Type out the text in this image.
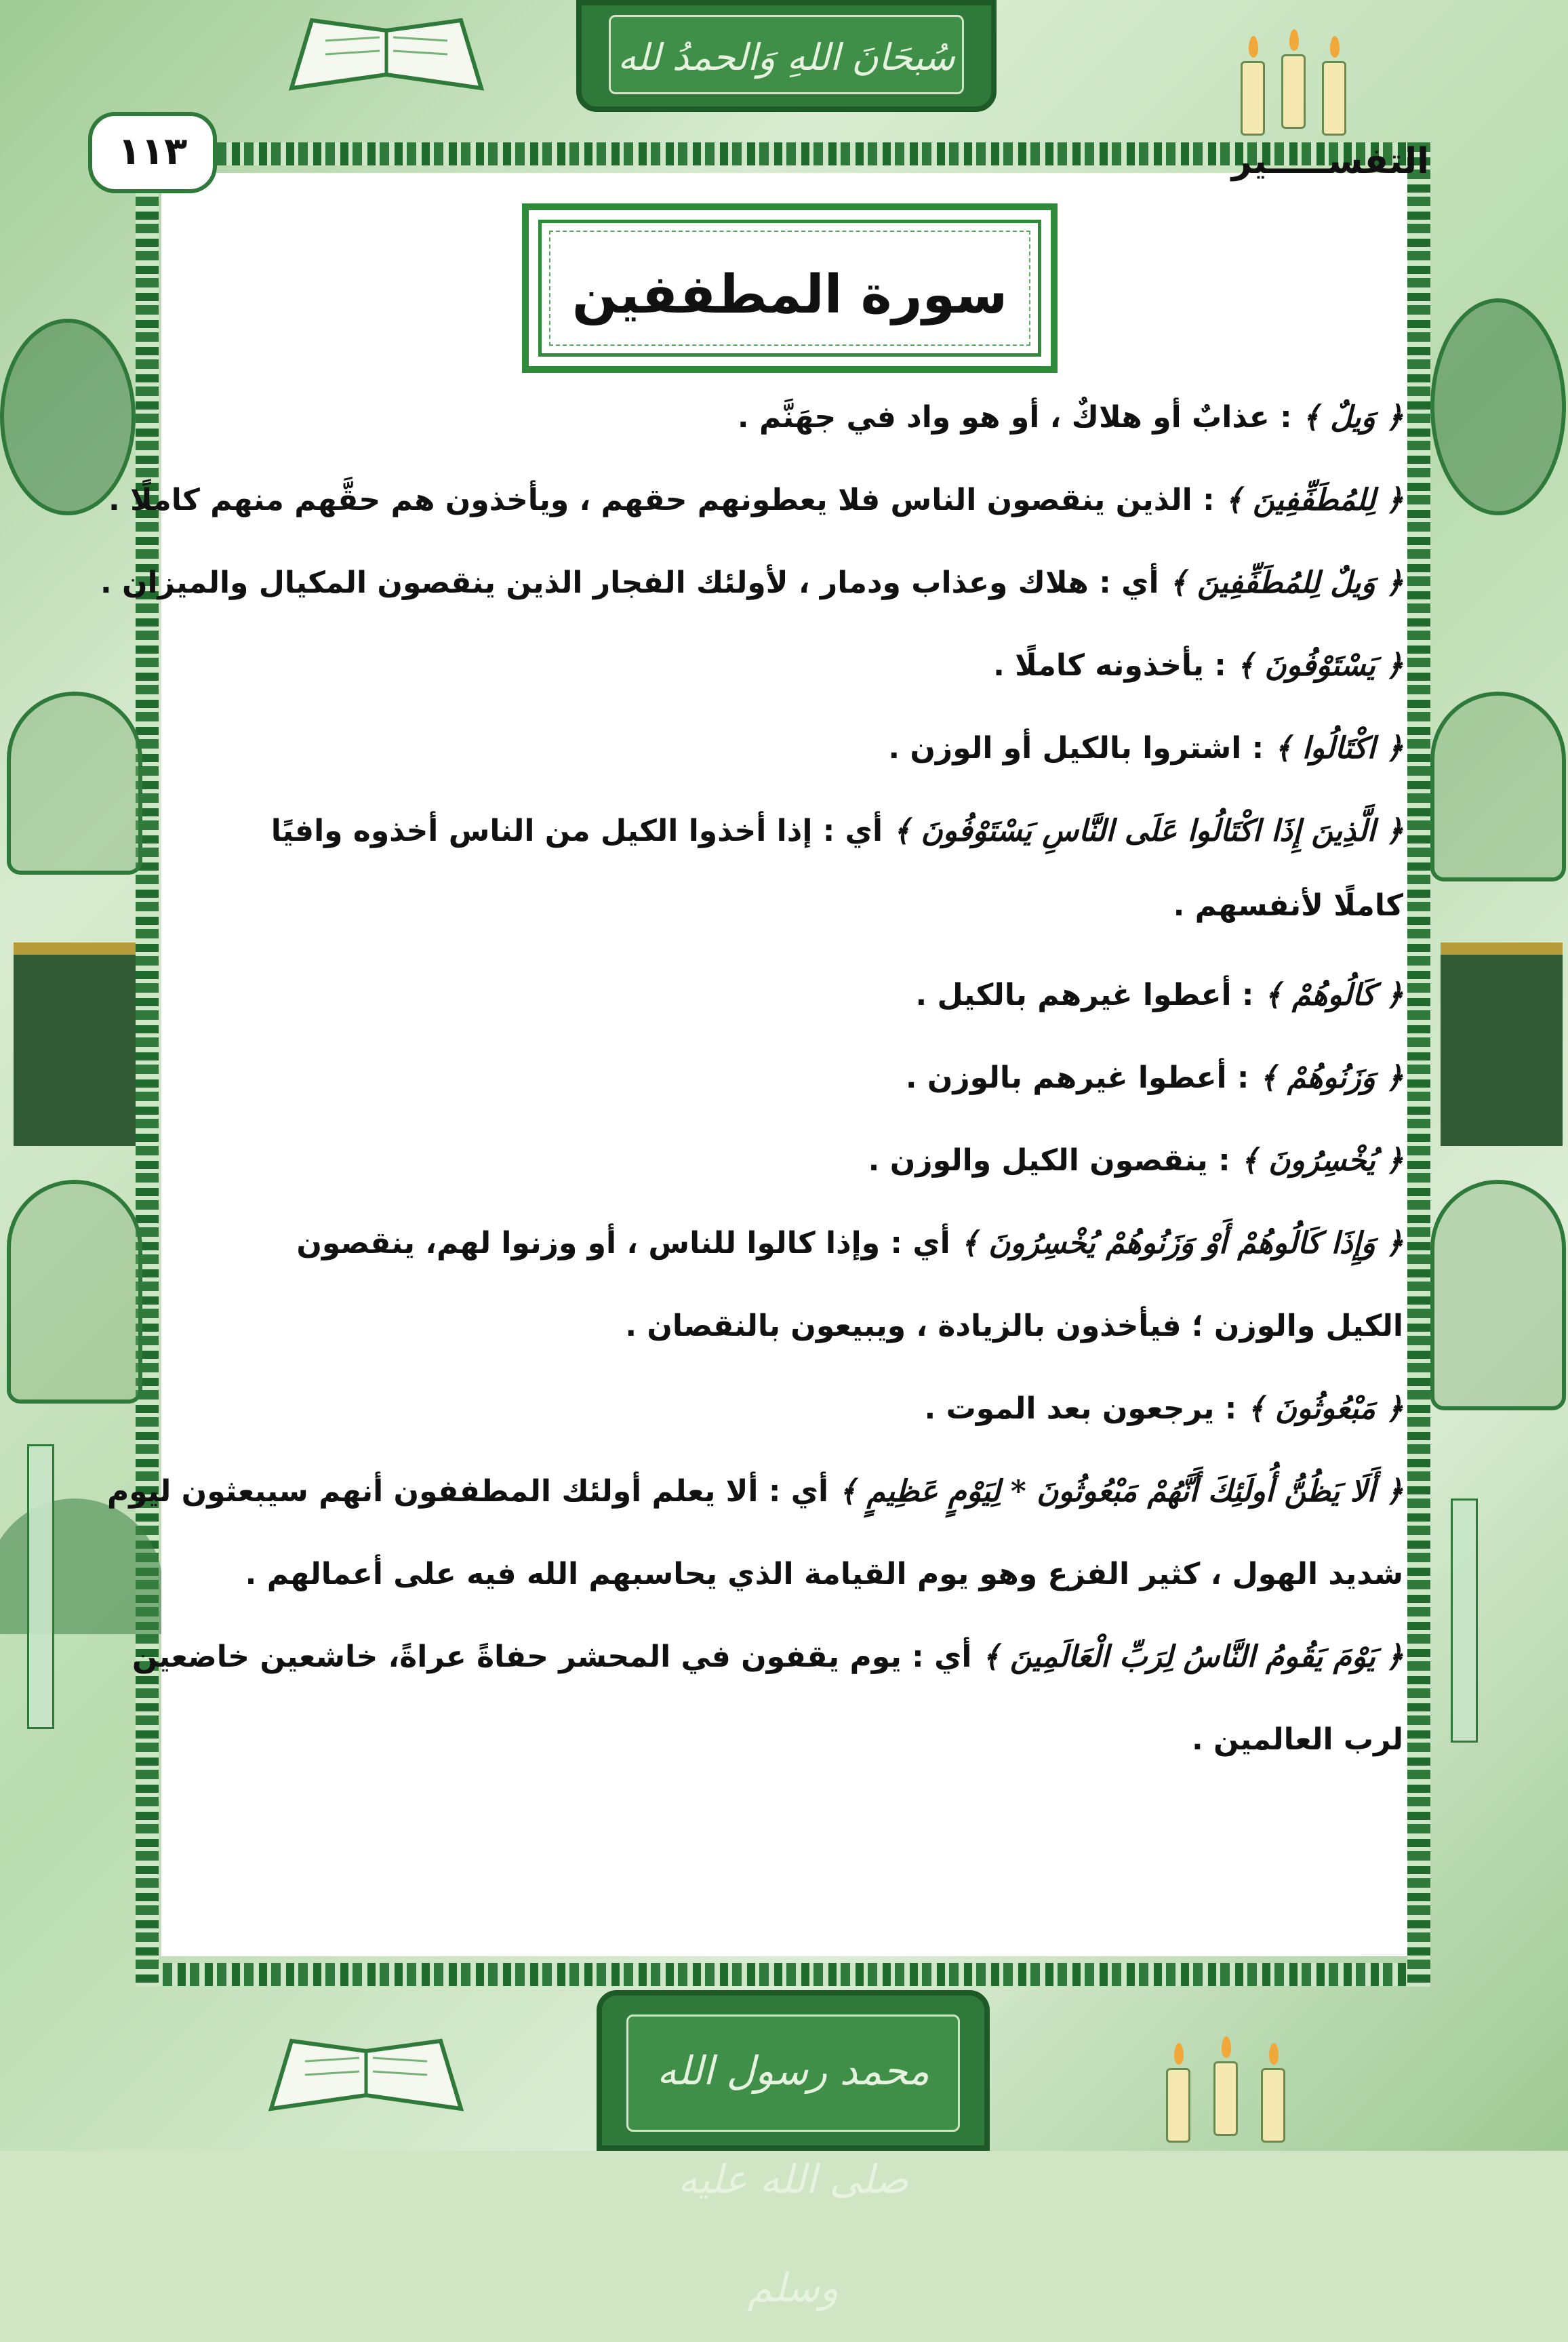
سُبحَانَ اللهِ وَالحمدُ لله
محمد رسول الله صلى الله عليه وسلم
١١٣	التفســـــير
سورة المطففين
﴿ وَيلٌ ﴾ : عذابٌ أو هلاكٌ ، أو هو واد في جهَنَّم .
﴿ لِلمُطَفِّفِينَ ﴾ : الذين ينقصون الناس فلا يعطونهم حقهم ، ويأخذون هم حقَّهم منهم كاملًا .
﴿ وَيلٌ لِلمُطَفِّفِينَ ﴾ أي : هلاك وعذاب ودمار ، لأولئك الفجار الذين ينقصون المكيال والميزان .
﴿ يَسْتَوْفُونَ ﴾ : يأخذونه كاملًا .
﴿ اكْتَالُوا ﴾ : اشتروا بالكيل أو الوزن .
﴿ الَّذِينَ إِذَا اكْتَالُوا عَلَى النَّاسِ يَسْتَوْفُونَ ﴾ أي : إذا أخذوا الكيل من الناس أخذوه وافيًا
كاملًا لأنفسهم .
﴿ كَالُوهُمْ ﴾ : أعطوا غيرهم بالكيل .
﴿ وَزَنُوهُمْ ﴾ : أعطوا غيرهم بالوزن .
﴿ يُخْسِرُونَ ﴾ : ينقصون الكيل والوزن .
﴿ وَإِذَا كَالُوهُمْ أَوْ وَزَنُوهُمْ يُخْسِرُونَ ﴾ أي : وإذا كالوا للناس ، أو وزنوا لهم، ينقصون
الكيل والوزن ؛ فيأخذون بالزيادة ، ويبيعون بالنقصان .
﴿ مَبْعُوثُونَ ﴾ : يرجعون بعد الموت .
﴿ أَلَا يَظُنُّ أُولَئِكَ أَنَّهُمْ مَبْعُوثُونَ * لِيَوْمٍ عَظِيمٍ ﴾ أي : ألا يعلم أولئك المطففون أنهم سيبعثون ليوم
شديد الهول ، كثير الفزع وهو يوم القيامة الذي يحاسبهم الله فيه على أعمالهم .
﴿ يَوْمَ يَقُومُ النَّاسُ لِرَبِّ الْعَالَمِينَ ﴾ أي : يوم يقفون في المحشر حفاةً عراةً، خاشعين خاضعين
لرب العالمين .
